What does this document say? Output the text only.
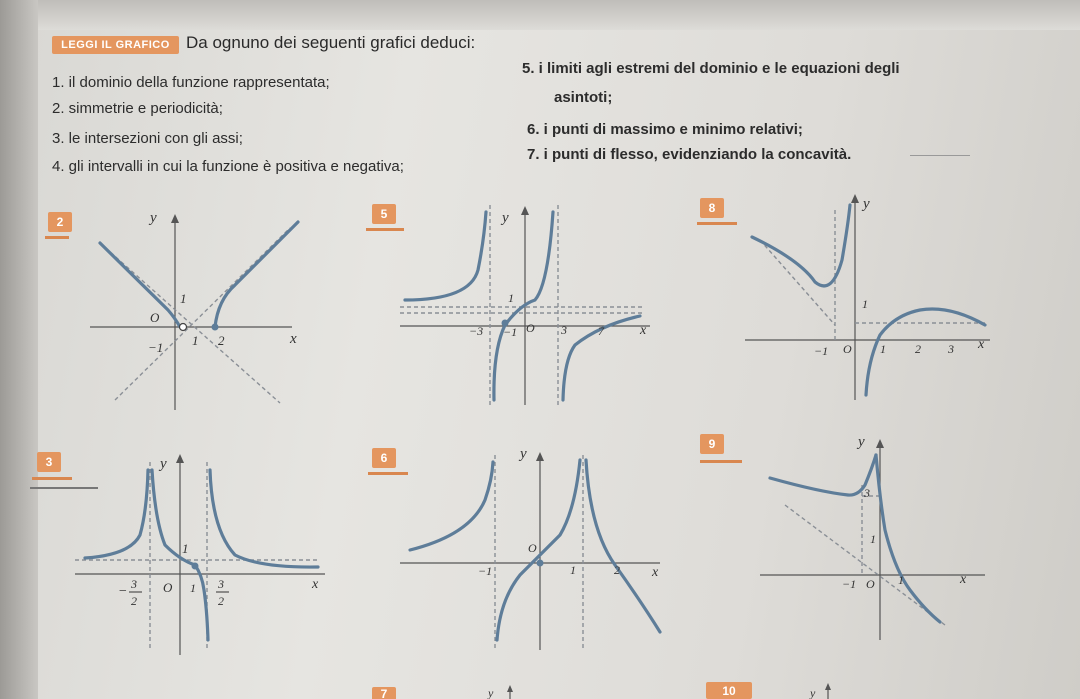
LEGGI IL GRAFICO Da ognuno dei seguenti grafici deduci:
1. il dominio della funzione rappresentata;
2. simmetrie e periodicità;
3. le intersezioni con gli assi;
4. gli intervalli in cui la funzione è positiva e negativa;
5. i limiti agli estremi del dominio e le equazioni degli
asintoti;
6. i punti di massimo e minimo relativi;
7. i punti di flesso, evidenziando la concavità.
2
5	8
3	6
9
7	10
y
x
O
1
−1 1 2
y
x
O
1
−3 −1	3	7
y
x
O
1
−1	1 2 3
y
x
O
1
1
− 3
2
3
2
y
x
O
−1	1	2
y
x
O
3
1
−1	1
y	y
